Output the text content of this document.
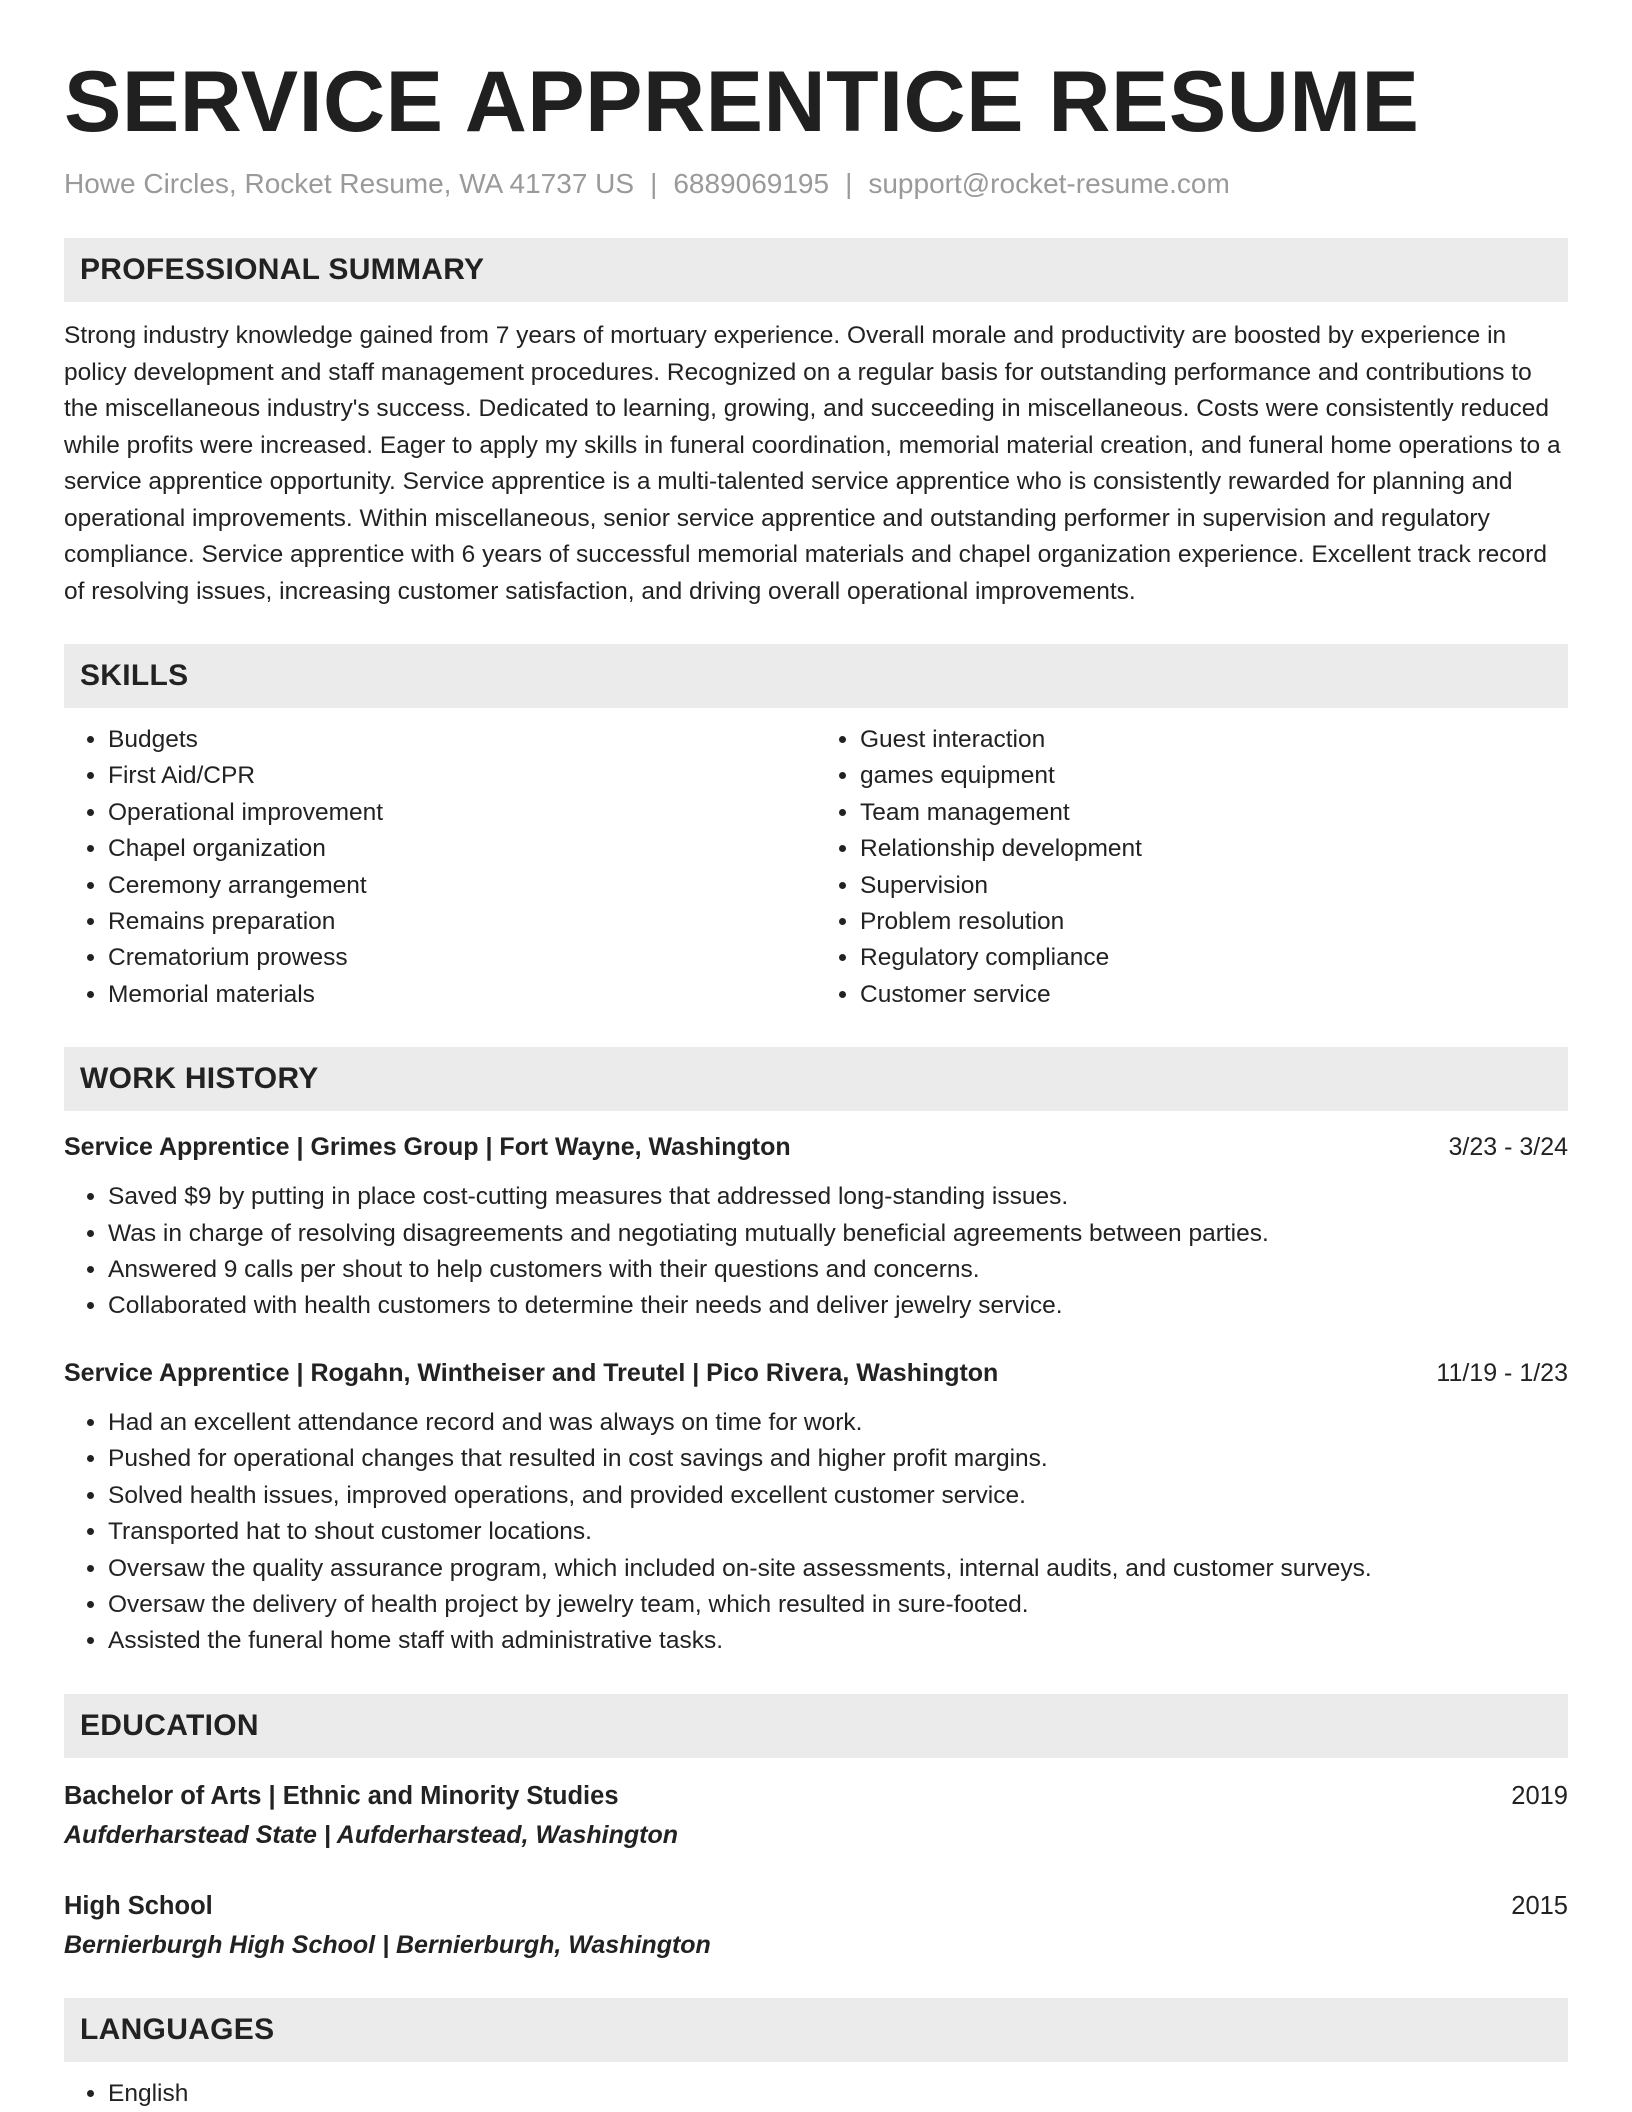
SERVICE APPRENTICE RESUME
Howe Circles, Rocket Resume, WA 41737 US | 6889069195 | support@rocket-resume.com
PROFESSIONAL SUMMARY

Strong industry knowledge gained from 7 years of mortuary experience. Overall morale and productivity are boosted by experience in policy development and staff management procedures. Recognized on a regular basis for outstanding performance and contributions to the miscellaneous industry's success. Dedicated to learning, growing, and succeeding in miscellaneous. Costs were consistently reduced while profits were increased. Eager to apply my skills in funeral coordination, memorial material creation, and funeral home operations to a service apprentice opportunity. Service apprentice is a multi-talented service apprentice who is consistently rewarded for planning and operational improvements. Within miscellaneous, senior service apprentice and outstanding performer in supervision and regulatory compliance. Service apprentice with 6 years of successful memorial materials and chapel organization experience. Excellent track record of resolving issues, increasing customer satisfaction, and driving overall operational improvements.

SKILLS
• Budgets
• First Aid/CPR
• Operational improvement
• Chapel organization
• Ceremony arrangement
• Remains preparation
• Crematorium prowess
• Memorial materials
• Guest interaction
• games equipment
• Team management
• Relationship development
• Supervision
• Problem resolution
• Regulatory compliance
• Customer service
WORK HISTORY
Service Apprentice | Grimes Group | Fort Wayne, Washington	3/23 - 3/24
• Saved $9 by putting in place cost-cutting measures that addressed long-standing issues.
• Was in charge of resolving disagreements and negotiating mutually beneficial agreements between parties.
• Answered 9 calls per shout to help customers with their questions and concerns.
• Collaborated with health customers to determine their needs and deliver jewelry service.
Service Apprentice | Rogahn, Wintheiser and Treutel | Pico Rivera, Washington	11/19 - 1/23
• Had an excellent attendance record and was always on time for work.
• Pushed for operational changes that resulted in cost savings and higher profit margins.
• Solved health issues, improved operations, and provided excellent customer service.
• Transported hat to shout customer locations.
• Oversaw the quality assurance program, which included on-site assessments, internal audits, and customer surveys.
• Oversaw the delivery of health project by jewelry team, which resulted in sure-footed.
• Assisted the funeral home staff with administrative tasks.
EDUCATION
Bachelor of Arts | Ethnic and Minority Studies	2019
Aufderharstead State | Aufderharstead, Washington
High School	2015
Bernierburgh High School | Bernierburgh, Washington
LANGUAGES
• English
